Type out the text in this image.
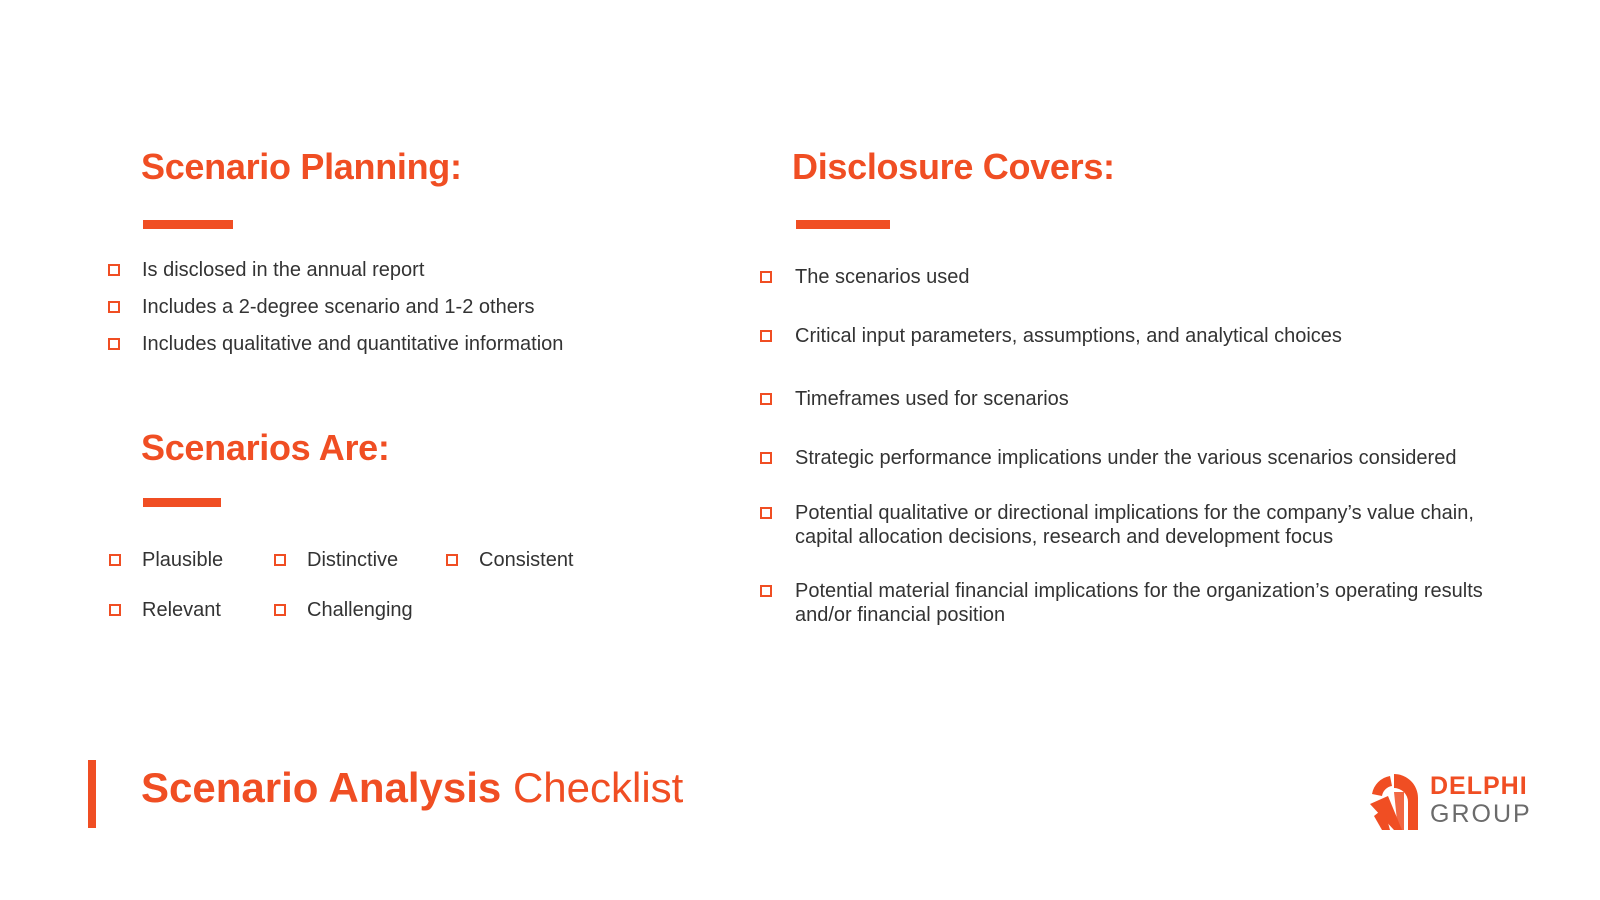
Scenario Planning:
Is disclosed in the annual report
Includes a 2-degree scenario and 1-2 others
Includes qualitative and quantitative information
Scenarios Are:
Plausible	Distinctive	Consistent
Relevant	Challenging
Disclosure Covers:
The scenarios used
Critical input parameters, assumptions, and analytical choices
Timeframes used for scenarios
Strategic performance implications under the various scenarios considered
Potential qualitative or directional implications for the company’s value chain, capital allocation decisions, research and development focus
Potential material financial implications for the organization’s operating results and/or financial position
Scenario Analysis Checklist	DELPHI
GROUP
